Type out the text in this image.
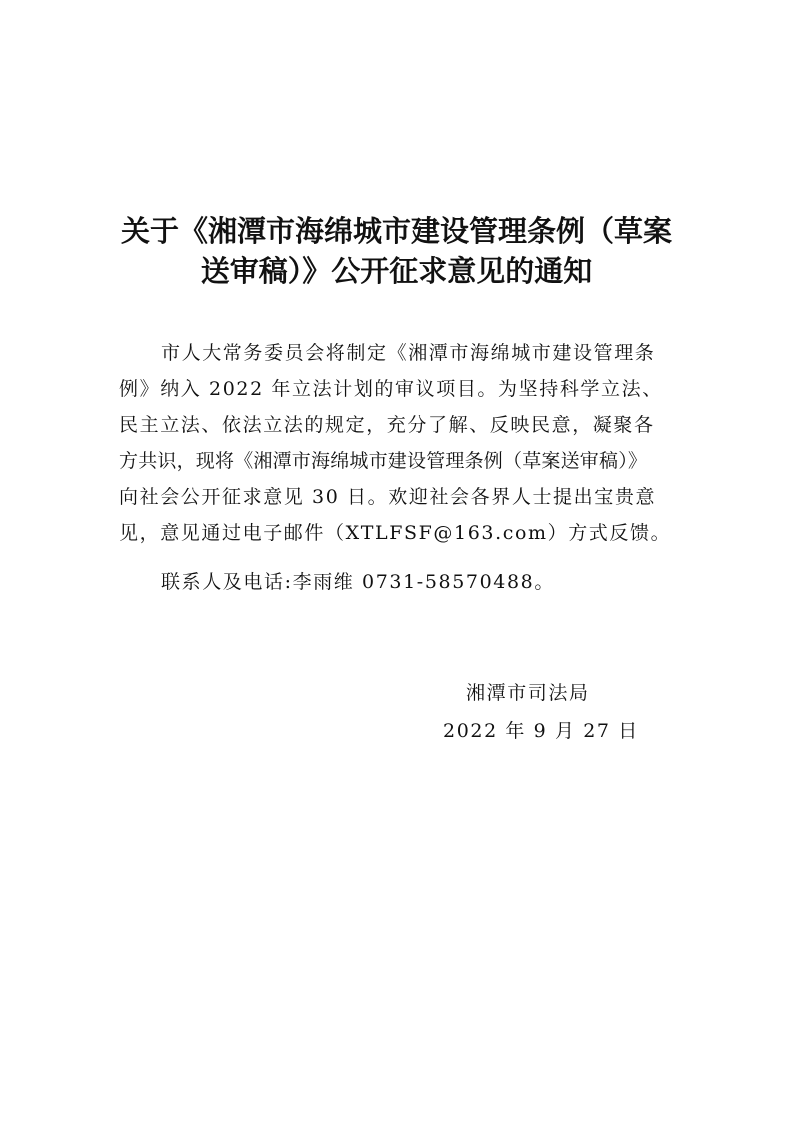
关于《湘潭市海绵城市建设管理条例（草案
送审稿）》公开征求意见的通知

市人大常务委员会将制定《湘潭市海绵城市建设管理条

例》纳入 2022 年立法计划的审议项目。为坚持科学立法、

民主立法、依法立法的规定，充分了解、反映民意，凝聚各

方共识，现将《湘潭市海绵城市建设管理条例（草案送审稿）》

向社会公开征求意见 30 日。欢迎社会各界人士提出宝贵意

见，意见通过电子邮件（XTLFSF@163.com）方式反馈。

联系人及电话:李雨维 0731-58570488。

湘潭市司法局

2022 年 9 月 27 日
